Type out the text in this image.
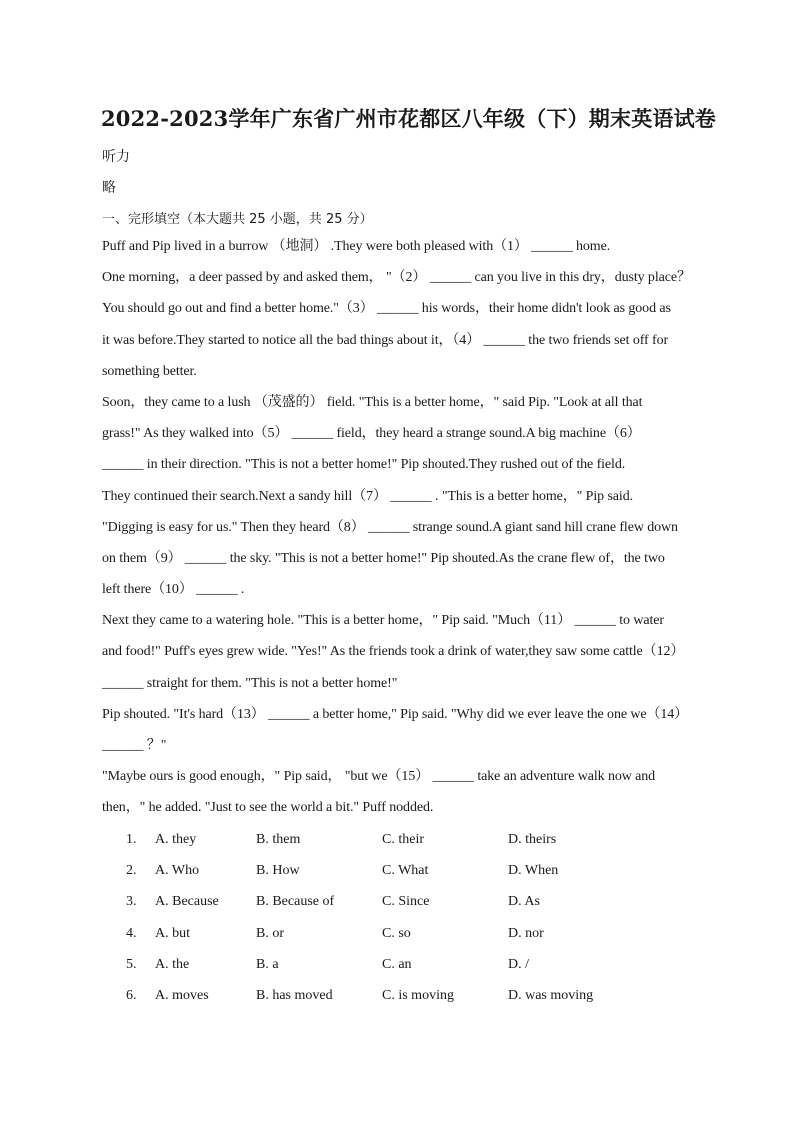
2022-2023学年广东省广州市花都区八年级（下）期末英语试卷
听力
略
一、完形填空（本大题共 25 小题，共 25 分）
Puff and Pip lived in a burrow （地洞） .They were both pleased with（1） ______ home.
One morning，a deer passed by and asked them， "（2） ______ can you live in this dry，dusty place？
You should go out and find a better home."（3） ______ his words，their home didn't look as good as
it was before.They started to notice all the bad things about it，（4） ______ the two friends set off for
something better.
Soon，they came to a lush （茂盛的） field. "This is a better home，" said Pip. "Look at all that
grass!" As they walked into（5） ______ field，they heard a strange sound.A big machine（6）
______ in their direction. "This is not a better home!" Pip shouted.They rushed out of the field.
They continued their search.Next a sandy hill（7） ______ . "This is a better home，" Pip said.
"Digging is easy for us." Then they heard（8） ______ strange sound.A giant sand hill crane flew down
on them（9） ______ the sky. "This is not a better home!" Pip shouted.As the crane flew of，the two
left there（10） ______ .
Next they came to a watering hole. "This is a better home，" Pip said. "Much（11） ______ to water
and food!" Puff's eyes grew wide. "Yes!" As the friends took a drink of water,they saw some cattle（12）
______ straight for them. "This is not a better home!"
Pip shouted. "It's hard（13） ______ a better home," Pip said. "Why did we ever leave the one we（14）
______ ？"
"Maybe ours is good enough，" Pip said， "but we（15） ______ take an adventure walk now and
then，" he added. "Just to see the world a bit." Puff nodded.
1. A. they	B. them	C. their	D. theirs
2. A. Who	B. How	C. What	D. When
3. A. Because	B. Because of	C. Since	D. As
4. A. but	B. or	C. so	D. nor
5. A. the	B. a	C. an	D. /
6. A. moves	B. has moved	C. is moving	D. was moving
